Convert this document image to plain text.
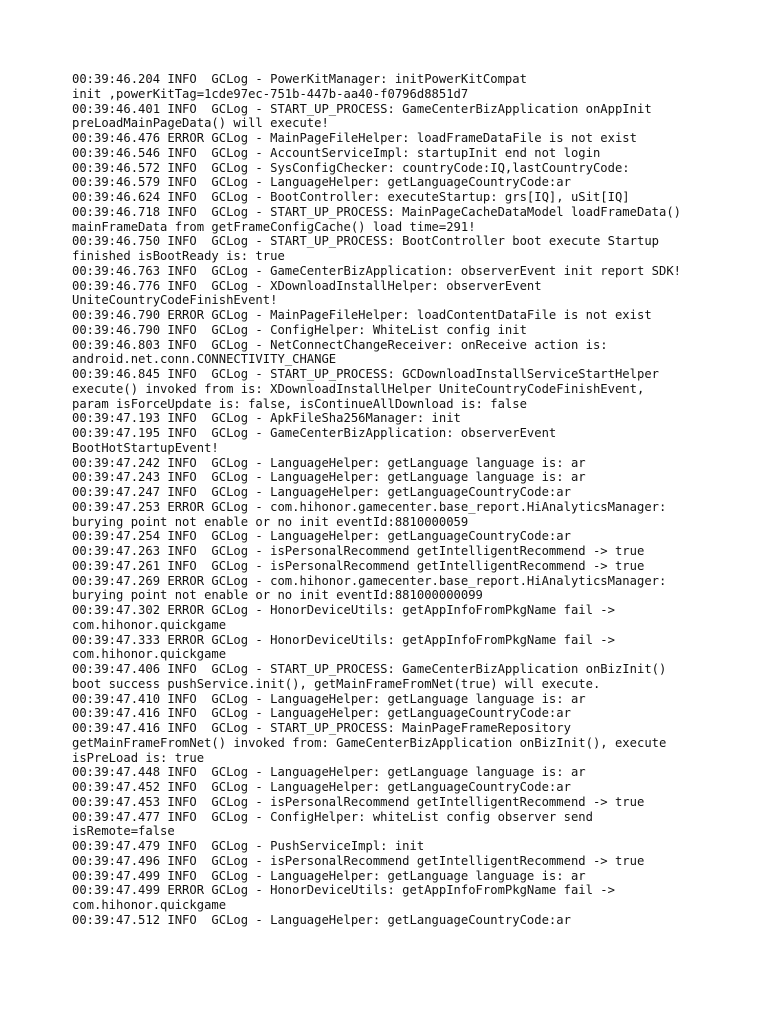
00:39:46.204 INFO  GCLog - PowerKitManager: initPowerKitCompat
init ,powerKitTag=1cde97ec-751b-447b-aa40-f0796d8851d7
00:39:46.401 INFO  GCLog - START_UP_PROCESS: GameCenterBizApplication onAppInit
preLoadMainPageData() will execute!
00:39:46.476 ERROR GCLog - MainPageFileHelper: loadFrameDataFile is not exist
00:39:46.546 INFO  GCLog - AccountServiceImpl: startupInit end not login
00:39:46.572 INFO  GCLog - SysConfigChecker: countryCode:IQ,lastCountryCode:
00:39:46.579 INFO  GCLog - LanguageHelper: getLanguageCountryCode:ar
00:39:46.624 INFO  GCLog - BootController: executeStartup: grs[IQ], uSit[IQ]
00:39:46.718 INFO  GCLog - START_UP_PROCESS: MainPageCacheDataModel loadFrameData()
mainFrameData from getFrameConfigCache() load time=291!
00:39:46.750 INFO  GCLog - START_UP_PROCESS: BootController boot execute Startup
finished isBootReady is: true
00:39:46.763 INFO  GCLog - GameCenterBizApplication: observerEvent init report SDK!
00:39:46.776 INFO  GCLog - XDownloadInstallHelper: observerEvent
UniteCountryCodeFinishEvent!
00:39:46.790 ERROR GCLog - MainPageFileHelper: loadContentDataFile is not exist
00:39:46.790 INFO  GCLog - ConfigHelper: WhiteList config init
00:39:46.803 INFO  GCLog - NetConnectChangeReceiver: onReceive action is:
android.net.conn.CONNECTIVITY_CHANGE
00:39:46.845 INFO  GCLog - START_UP_PROCESS: GCDownloadInstallServiceStartHelper
execute() invoked from is: XDownloadInstallHelper UniteCountryCodeFinishEvent,
param isForceUpdate is: false, isContinueAllDownload is: false
00:39:47.193 INFO  GCLog - ApkFileSha256Manager: init
00:39:47.195 INFO  GCLog - GameCenterBizApplication: observerEvent
BootHotStartupEvent!
00:39:47.242 INFO  GCLog - LanguageHelper: getLanguage language is: ar
00:39:47.243 INFO  GCLog - LanguageHelper: getLanguage language is: ar
00:39:47.247 INFO  GCLog - LanguageHelper: getLanguageCountryCode:ar
00:39:47.253 ERROR GCLog - com.hihonor.gamecenter.base_report.HiAnalyticsManager:
burying point not enable or no init eventId:8810000059
00:39:47.254 INFO  GCLog - LanguageHelper: getLanguageCountryCode:ar
00:39:47.263 INFO  GCLog - isPersonalRecommend getIntelligentRecommend -> true
00:39:47.261 INFO  GCLog - isPersonalRecommend getIntelligentRecommend -> true
00:39:47.269 ERROR GCLog - com.hihonor.gamecenter.base_report.HiAnalyticsManager:
burying point not enable or no init eventId:881000000099
00:39:47.302 ERROR GCLog - HonorDeviceUtils: getAppInfoFromPkgName fail ->
com.hihonor.quickgame
00:39:47.333 ERROR GCLog - HonorDeviceUtils: getAppInfoFromPkgName fail ->
com.hihonor.quickgame
00:39:47.406 INFO  GCLog - START_UP_PROCESS: GameCenterBizApplication onBizInit()
boot success pushService.init(), getMainFrameFromNet(true) will execute.
00:39:47.410 INFO  GCLog - LanguageHelper: getLanguage language is: ar
00:39:47.416 INFO  GCLog - LanguageHelper: getLanguageCountryCode:ar
00:39:47.416 INFO  GCLog - START_UP_PROCESS: MainPageFrameRepository
getMainFrameFromNet() invoked from: GameCenterBizApplication onBizInit(), execute
isPreLoad is: true
00:39:47.448 INFO  GCLog - LanguageHelper: getLanguage language is: ar
00:39:47.452 INFO  GCLog - LanguageHelper: getLanguageCountryCode:ar
00:39:47.453 INFO  GCLog - isPersonalRecommend getIntelligentRecommend -> true
00:39:47.477 INFO  GCLog - ConfigHelper: whiteList config observer send
isRemote=false
00:39:47.479 INFO  GCLog - PushServiceImpl: init
00:39:47.496 INFO  GCLog - isPersonalRecommend getIntelligentRecommend -> true
00:39:47.499 INFO  GCLog - LanguageHelper: getLanguage language is: ar
00:39:47.499 ERROR GCLog - HonorDeviceUtils: getAppInfoFromPkgName fail ->
com.hihonor.quickgame
00:39:47.512 INFO  GCLog - LanguageHelper: getLanguageCountryCode:ar
